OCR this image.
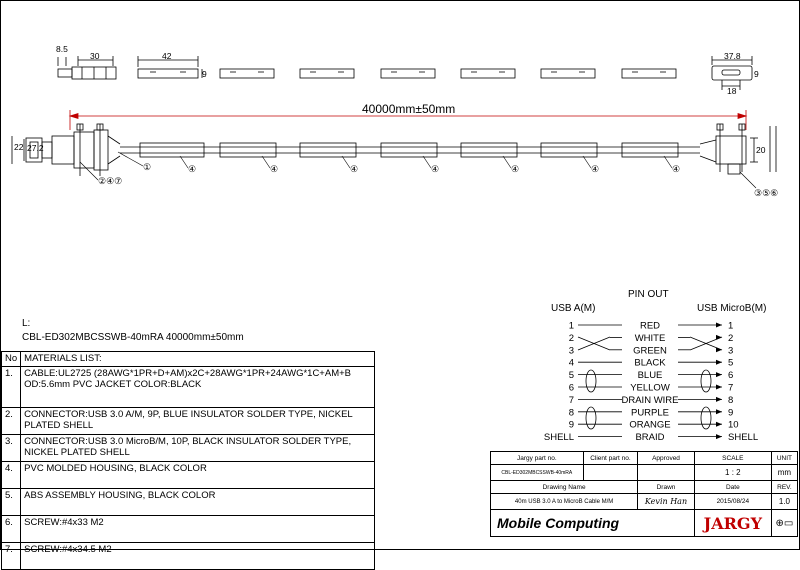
8.5
30	42
9
37.8
9
18
40000mm±50mm
22 27.2	20
①
②④⑦
④	④	④	④	④	④	④
③⑤⑥
PIN OUT
USB A(M)	USB MicroB(M)
1	RED	1
2	WHITE	2
3	GREEN	3
4	BLACK	5
5	BLUE	6
6	YELLOW	7
7	DRAIN WIRE	8
8	PURPLE	9
9	ORANGE	10
SHELL	BRAID	SHELL
L:
CBL-ED302MBCSSWB-40mRA 40000mm±50mm
No	MATERIALS LIST:
1.	CABLE:UL2725 (28AWG*1PR+D+AM)x2C+28AWG*1PR+24AWG*1C+AM+B OD:5.6mm PVC JACKET COLOR:BLACK
2.	CONNECTOR:USB 3.0 A/M, 9P, BLUE INSULATOR SOLDER TYPE, NICKEL PLATED SHELL
3.	CONNECTOR:USB 3.0 MicroB/M, 10P, BLACK INSULATOR SOLDER TYPE, NICKEL PLATED SHELL
4.	PVC MOLDED HOUSING, BLACK COLOR
5.	ABS ASSEMBLY HOUSING, BLACK COLOR
6.	SCREW:#4x33 M2
7.	SCREW:#4x34.5 M2
Jargy part no.	Client part no.	Approved	SCALE	UNIT
CBL-ED302MBCSSWB-40mRA			1 : 2	mm
Drawing Name		Drawn	Date	REV.
40m USB 3.0 A to MicroB Cable M/M		Kevin Han	2015/08/24	1.0
Mobile Computing			JARGY	⊕▭
